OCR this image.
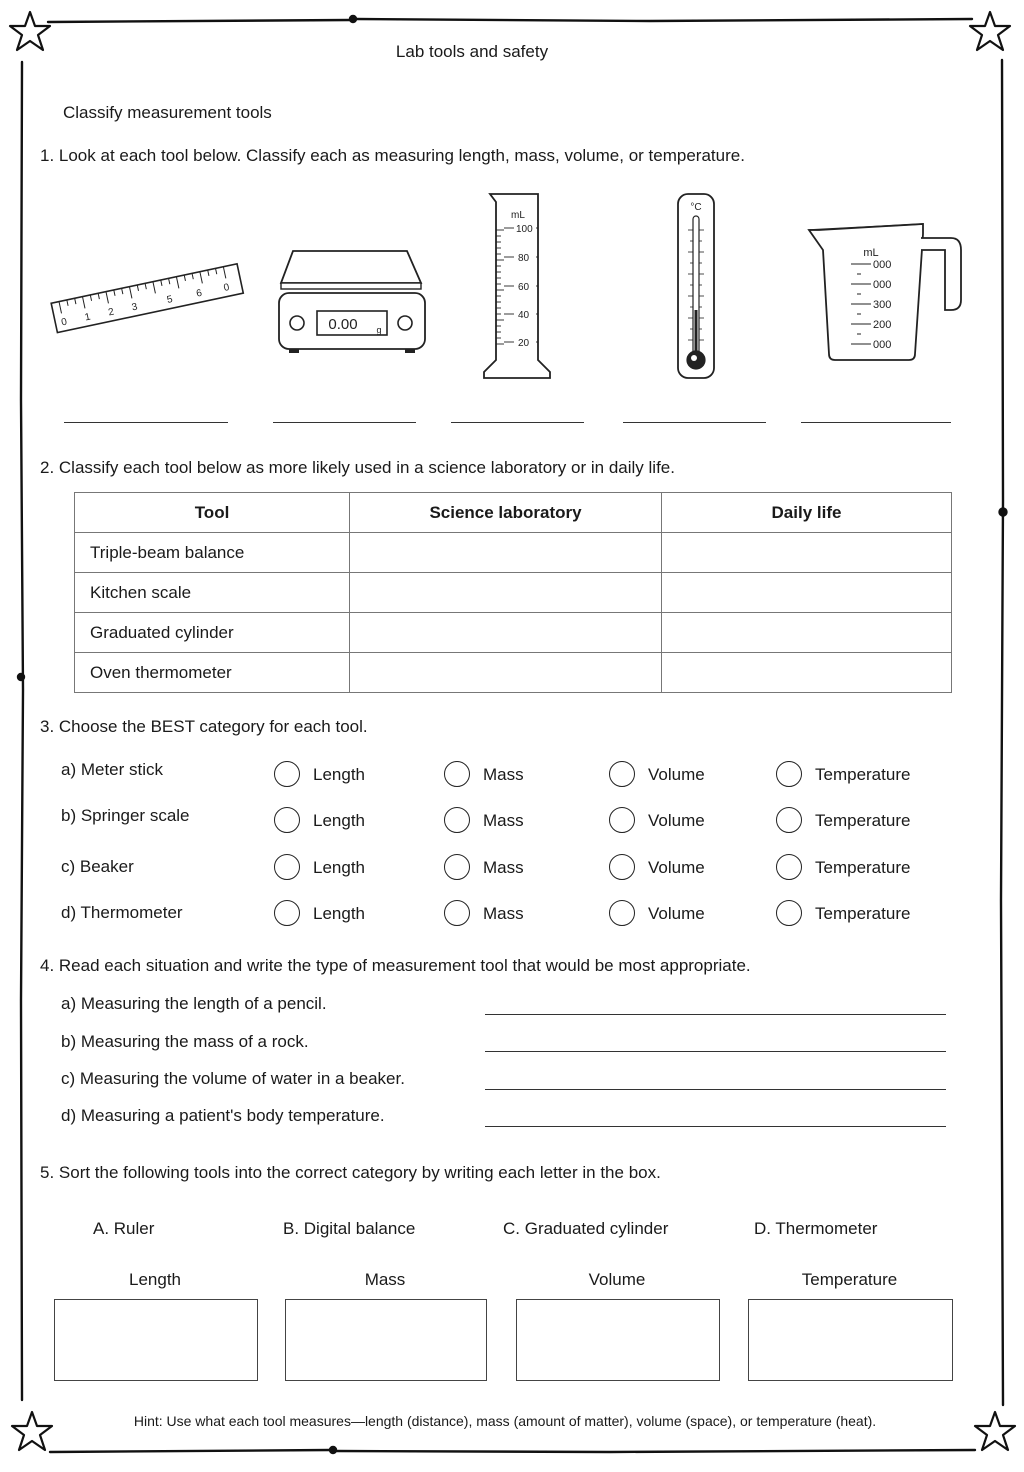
Lab tools and safety
Classify measurement tools
1. Look at each tool below. Classify each as measuring length, mass, volume, or temperature.
0 1 2 3
5
6 0
0.00 g
mL
100
80
60
40
20
°C
mL
000
000
300
200
000
2. Classify each tool below as more likely used in a science laboratory or in daily life.
Tool	Science laboratory	Daily life
Triple-beam balance		
Kitchen scale		
Graduated cylinder		
Oven thermometer		
3. Choose the BEST category for each tool.
a) Meter stick	Length	Mass	Volume	Temperature
b) Springer scale	Length	Mass	Volume	Temperature
c) Beaker	Length	Mass	Volume	Temperature
d) Thermometer	Length	Mass	Volume	Temperature
4. Read each situation and write the type of measurement tool that would be most appropriate.
a) Measuring the length of a pencil.
b) Measuring the mass of a rock.
c) Measuring the volume of water in a beaker.
d) Measuring a patient's body temperature.
5. Sort the following tools into the correct category by writing each letter in the box.
A. Ruler	B. Digital balance	C. Graduated cylinder	D. Thermometer
Length	Mass	Volume	Temperature
Hint: Use what each tool measures—length (distance), mass (amount of matter), volume (space), or temperature (heat).
